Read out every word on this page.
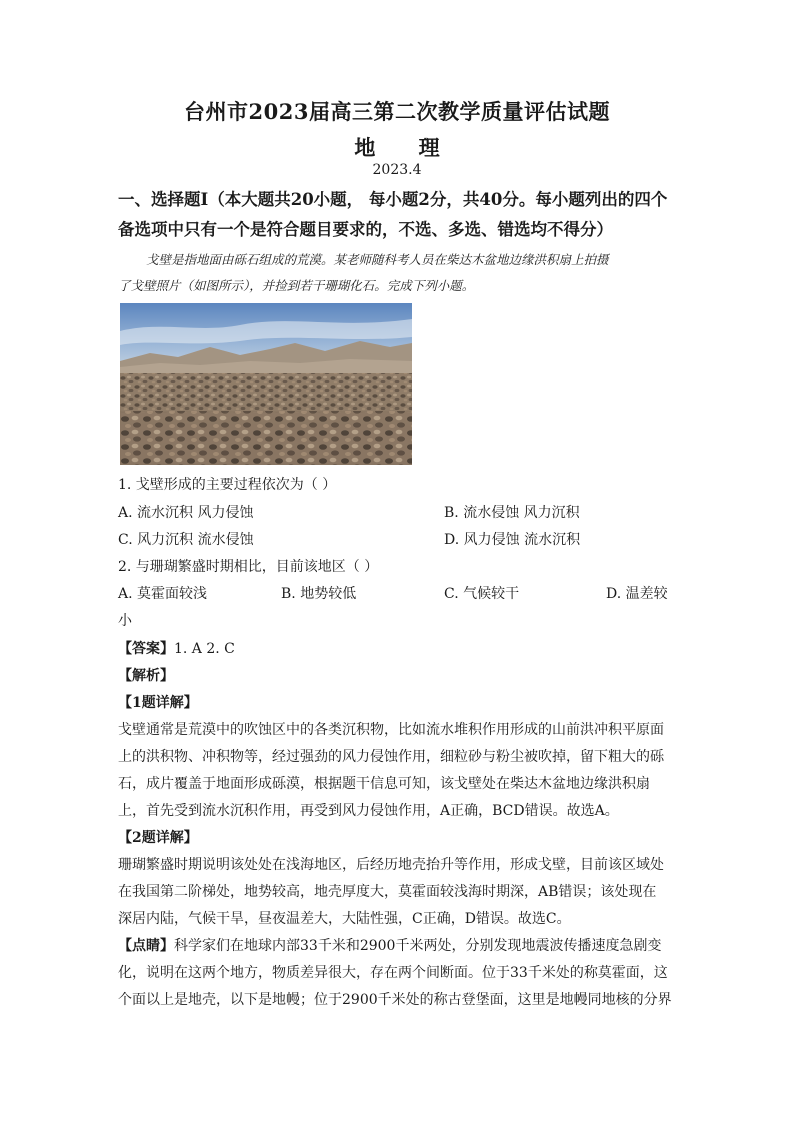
台州市2023届高三第二次教学质量评估试题
地 理
2023.4
一、选择题Ⅰ（本大题共20小题， 每小题2分，共40分。每小题列出的四个
备选项中只有一个是符合题目要求的，不选、多选、错选均不得分）
戈壁是指地面由砾石组成的荒漠。某老师随科考人员在柴达木盆地边缘洪积扇上拍摄
了戈壁照片（如图所示），并捡到若干珊瑚化石。完成下列小题。
1. 戈壁形成的主要过程依次为（ ）
A. 流水沉积 风力侵蚀	B. 流水侵蚀 风力沉积
C. 风力沉积 流水侵蚀	D. 风力侵蚀 流水沉积
2. 与珊瑚繁盛时期相比，目前该地区（ ）
A. 莫霍面较浅	B. 地势较低	C. 气候较干	D. 温差较
小
【答案】1. A 2. C
【解析】
【1题详解】
戈壁通常是荒漠中的吹蚀区中的各类沉积物，比如流水堆积作用形成的山前洪冲积平原面
上的洪积物、冲积物等，经过强劲的风力侵蚀作用，细粒砂与粉尘被吹掉，留下粗大的砾
石，成片覆盖于地面形成砾漠，根据题干信息可知，该戈壁处在柴达木盆地边缘洪积扇
上，首先受到流水沉积作用，再受到风力侵蚀作用，A正确，BCD错误。故选A。
【2题详解】
珊瑚繁盛时期说明该处处在浅海地区，后经历地壳抬升等作用，形成戈壁，目前该区域处
在我国第二阶梯处，地势较高，地壳厚度大，莫霍面较浅海时期深，AB错误；该处现在
深居内陆，气候干旱，昼夜温差大，大陆性强，C正确，D错误。故选C。
【点睛】科学家们在地球内部33千米和2900千米两处，分别发现地震波传播速度急剧变
化，说明在这两个地方，物质差异很大，存在两个间断面。位于33千米处的称莫霍面，这
个面以上是地壳，以下是地幔；位于2900千米处的称古登堡面，这里是地幔同地核的分界
